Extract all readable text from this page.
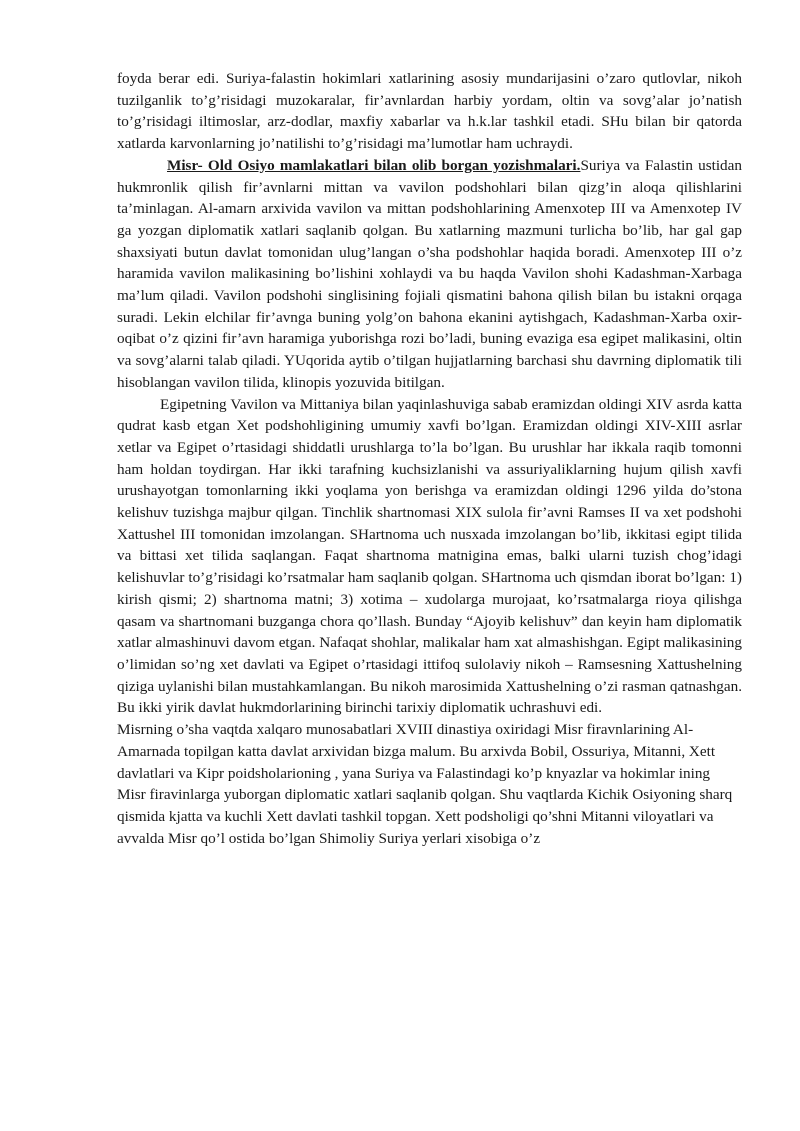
foyda berar edi. Suriya-falastin hokimlari xatlarining asosiy mundarijasini o’zaro qutlovlar, nikoh tuzilganlik to’g’risidagi muzokaralar, fir’avnlardan harbiy yordam, oltin va sovg’alar jo’natish to’g’risidagi iltimoslar, arz-dodlar, maxfiy xabarlar va h.k.lar tashkil etadi. SHu bilan bir qatorda xatlarda karvonlarning jo’natilishi to’g’risidagi ma’lumotlar ham uchraydi.

Misr- Old Osiyo mamlakatlari bilan olib borgan yozishmalari.Suriya va Falastin ustidan hukmronlik qilish fir’avnlarni mittan va vavilon podshohlari bilan qizg’in aloqa qilishlarini ta’minlagan. Al-amarn arxivida vavilon va mittan podshohlarining Amenxotep III va Amenxotep IV ga yozgan diplomatik xatlari saqlanib qolgan. Bu xatlarning mazmuni turlicha bo’lib, har gal gap shaxsiyati butun davlat tomonidan ulug’langan o’sha podshohlar haqida boradi. Amenxotep III o’z haramida vavilon malikasining bo’lishini xohlaydi va bu haqda Vavilon shohi Kadashman-Xarbaga ma’lum qiladi. Vavilon podshohi singlisining fojiali qismatini bahona qilish bilan bu istakni orqaga suradi. Lekin elchilar fir’avnga buning yolg’on bahona ekanini aytishgach, Kadashman-Xarba oxir-oqibat o’z qizini fir’avn haramiga yuborishga rozi bo’ladi, buning evaziga esa egipet malikasini, oltin va sovg’alarni talab qiladi. YUqorida aytib o’tilgan hujjatlarning barchasi shu davrning diplomatik tili hisoblangan vavilon tilida, klinopis yozuvida bitilgan.

Egipetning Vavilon va Mittaniya bilan yaqinlashuviga sabab eramizdan oldingi XIV asrda katta qudrat kasb etgan Xet podshohligining umumiy xavfi bo’lgan. Eramizdan oldingi XIV-XIII asrlar xetlar va Egipet o’rtasidagi shiddatli urushlarga to’la bo’lgan. Bu urushlar har ikkala raqib tomonni ham holdan toydirgan. Har ikki tarafning kuchsizlanishi va assuriyaliklarning hujum qilish xavfi urushayotgan tomonlarning ikki yoqlama yon berishga va eramizdan oldingi 1296 yilda do’stona kelishuv tuzishga majbur qilgan. Tinchlik shartnomasi XIX sulola fir’avni Ramses II va xet podshohi Xattushel III tomonidan imzolangan. SHartnoma uch nusxada imzolangan bo’lib, ikkitasi egipt tilida va bittasi xet tilida saqlangan. Faqat shartnoma matnigina emas, balki ularni tuzish chog’idagi kelishuvlar to’g’risidagi ko’rsatmalar ham saqlanib qolgan. SHartnoma uch qismdan iborat bo’lgan: 1) kirish qismi; 2) shartnoma matni; 3) xotima – xudolarga murojaat, ko’rsatmalarga rioya qilishga qasam va shartnomani buzganga chora qo’llash. Bunday “Ajoyib kelishuv” dan keyin ham diplomatik xatlar almashinuvi davom etgan. Nafaqat shohlar, malikalar ham xat almashishgan. Egipt malikasining o’limidan so’ng xet davlati va Egipet o’rtasidagi ittifoq sulolaviy nikoh – Ramsesning Xattushelning qiziga uylanishi bilan mustahkamlangan. Bu nikoh marosimida Xattushelning o’zi rasman qatnashgan. Bu ikki yirik davlat hukmdorlarining birinchi tarixiy diplomatik uchrashuvi edi.

Misrning o’sha vaqtda xalqaro munosabatlari XVIII dinastiya oxiridagi Misr firavnlarining Al-Amarnada topilgan katta davlat arxividan bizga malum. Bu arxivda Bobil, Ossuriya, Mitanni, Xett davlatlari va Kipr poidsholarioning , yana Suriya va Falastindagi ko’p knyazlar va hokimlar ining Misr firavinlarga yuborgan diplomatic xatlari saqlanib qolgan. Shu vaqtlarda Kichik Osiyoning sharq qismida kjatta va kuchli Xett davlati tashkil topgan. Xett podsholigi qo’shni Mitanni viloyatlari va avvalda Misr qo’l ostida bo’lgan Shimoliy Suriya yerlari xisobiga o’z
